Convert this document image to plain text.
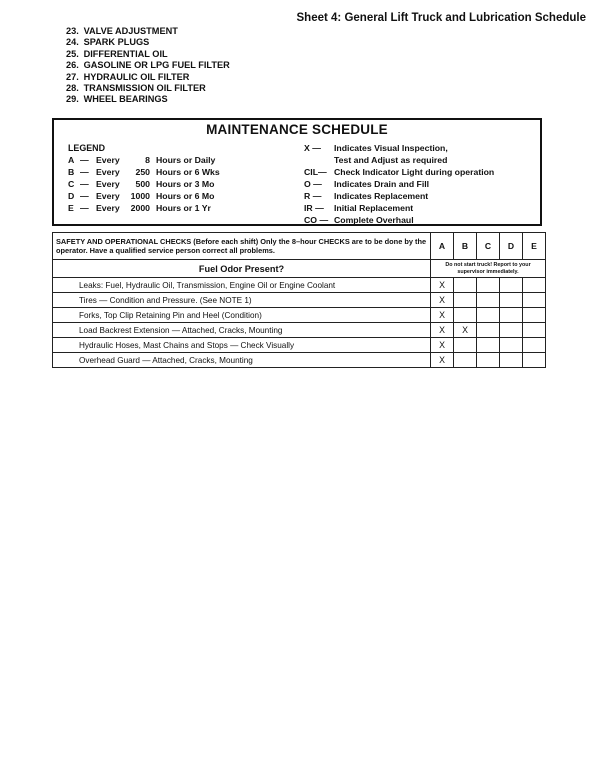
Sheet 4: General Lift Truck and Lubrication Schedule
23. VALVE ADJUSTMENT
24. SPARK PLUGS
25. DIFFERENTIAL OIL
26. GASOLINE OR LPG FUEL FILTER
27. HYDRAULIC OIL FILTER
28. TRANSMISSION OIL FILTER
29. WHEEL BEARINGS
MAINTENANCE SCHEDULE
LEGEND
A — Every	8 Hours or Daily
B — Every	250 Hours or 6 Wks
C — Every	500 Hours or 3 Mo
D — Every	1000 Hours or 6 Mo
E — Every	2000 Hours or 1 Yr
X —	Indicates Visual Inspection,
Test and Adjust as required
CIL— Check Indicator Light during operation
O —	Indicates Drain and Fill
R —	Indicates Replacement
IR —	Initial Replacement
CO — Complete Overhaul
SAFETY AND OPERATIONAL CHECKS (Before each shift) Only the 8–hour CHECKS are to be done by the operator. Have a qualified service person correct all problems.	A	B	C	D	E
Fuel Odor Present?	Do not start truck! Report to your supervisor immediately.				
Leaks: Fuel, Hydraulic Oil, Transmission, Engine Oil or Engine Coolant	X				
Tires — Condition and Pressure. (See NOTE 1)	X				
Forks, Top Clip Retaining Pin and Heel (Condition)	X				
Load Backrest Extension — Attached, Cracks, Mounting	X	X			
Hydraulic Hoses, Mast Chains and Stops — Check Visually	X				
Overhead Guard — Attached, Cracks, Mounting	X				
